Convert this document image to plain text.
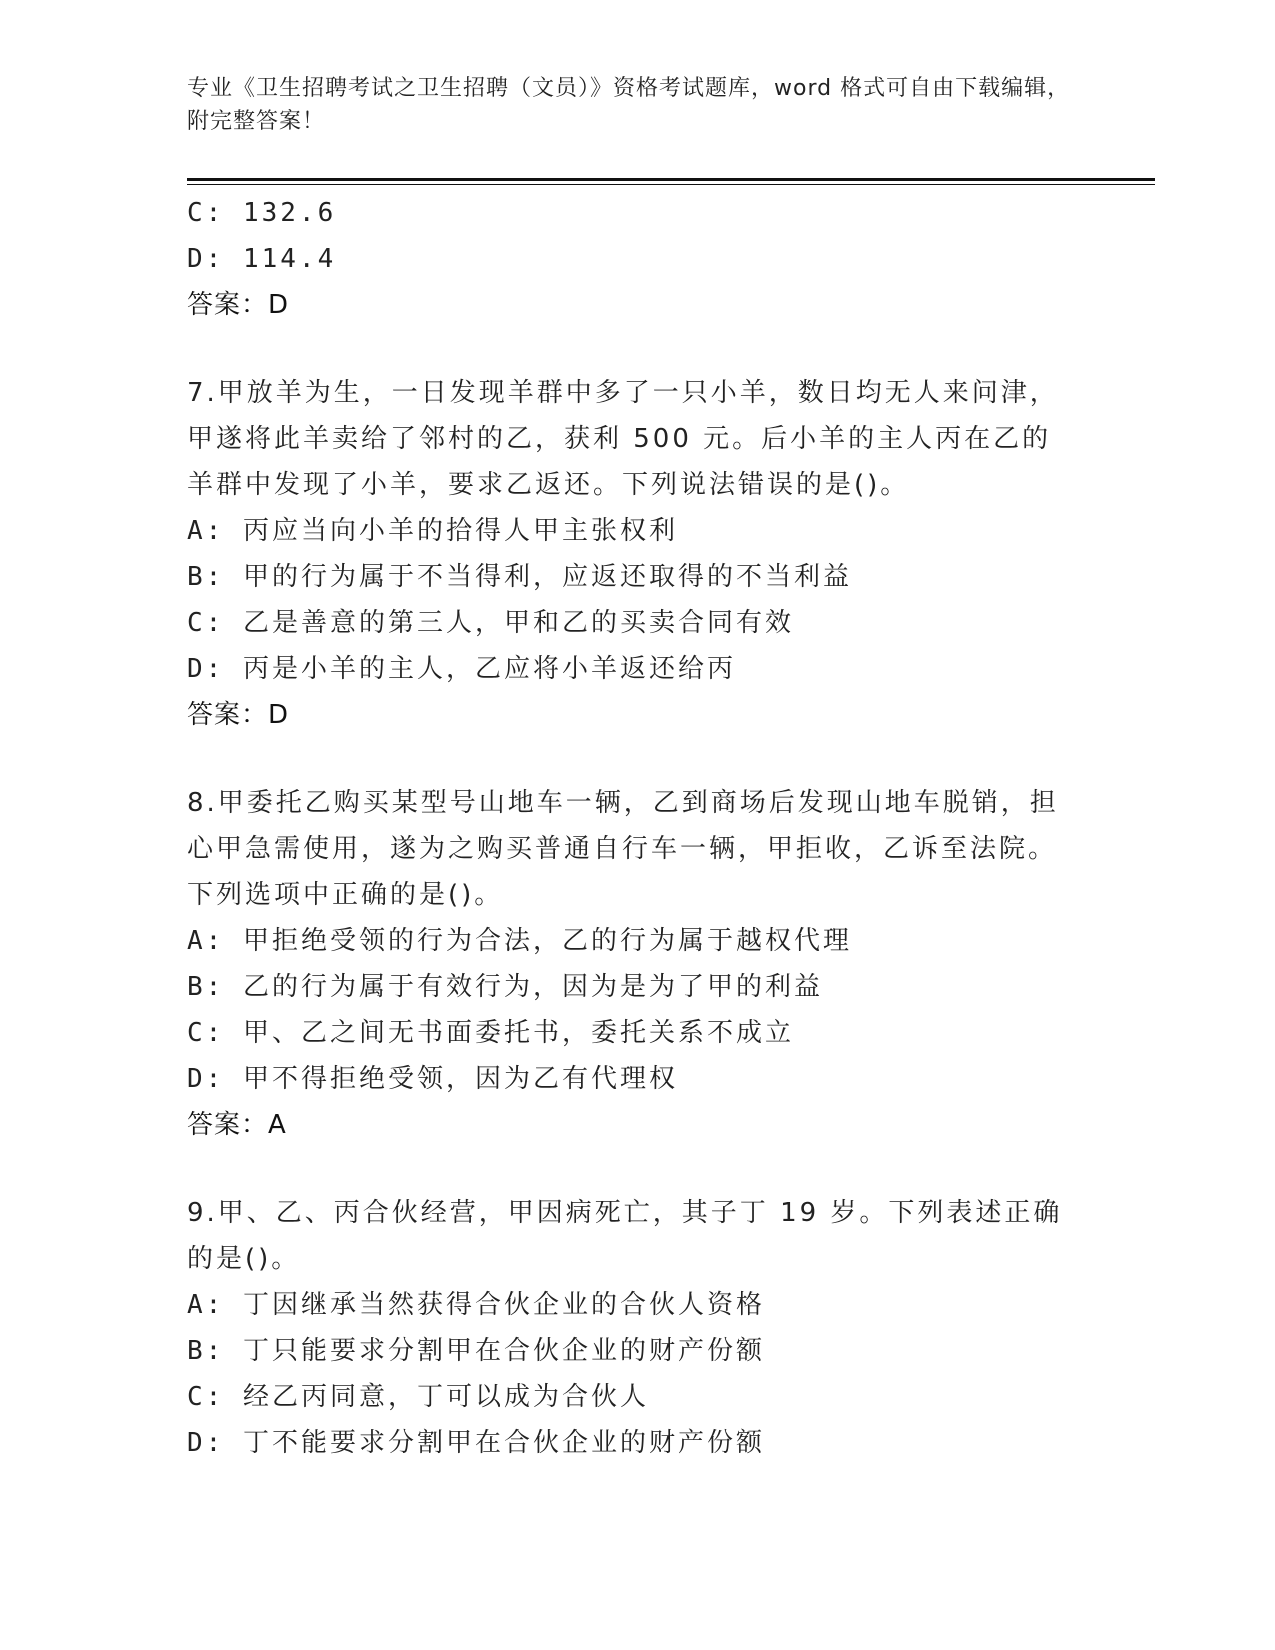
专业《卫生招聘考试之卫生招聘（文员）》资格考试题库，word 格式可自由下载编辑，附完整答案！
C: 132.6
D: 114.4
答案：D
7.甲放羊为生，一日发现羊群中多了一只小羊，数日均无人来问津，甲遂将此羊卖给了邻村的乙，获利 500 元。后小羊的主人丙在乙的羊群中发现了小羊，要求乙返还。下列说法错误的是()。
A: 丙应当向小羊的拾得人甲主张权利
B: 甲的行为属于不当得利，应返还取得的不当利益
C: 乙是善意的第三人，甲和乙的买卖合同有效
D: 丙是小羊的主人，乙应将小羊返还给丙
答案：D
8.甲委托乙购买某型号山地车一辆，乙到商场后发现山地车脱销，担心甲急需使用，遂为之购买普通自行车一辆，甲拒收，乙诉至法院。下列选项中正确的是()。
A: 甲拒绝受领的行为合法，乙的行为属于越权代理
B: 乙的行为属于有效行为，因为是为了甲的利益
C: 甲、乙之间无书面委托书，委托关系不成立
D: 甲不得拒绝受领，因为乙有代理权
答案：A
9.甲、乙、丙合伙经营，甲因病死亡，其子丁 19 岁。下列表述正确的是()。
A: 丁因继承当然获得合伙企业的合伙人资格
B: 丁只能要求分割甲在合伙企业的财产份额
C: 经乙丙同意，丁可以成为合伙人
D: 丁不能要求分割甲在合伙企业的财产份额
